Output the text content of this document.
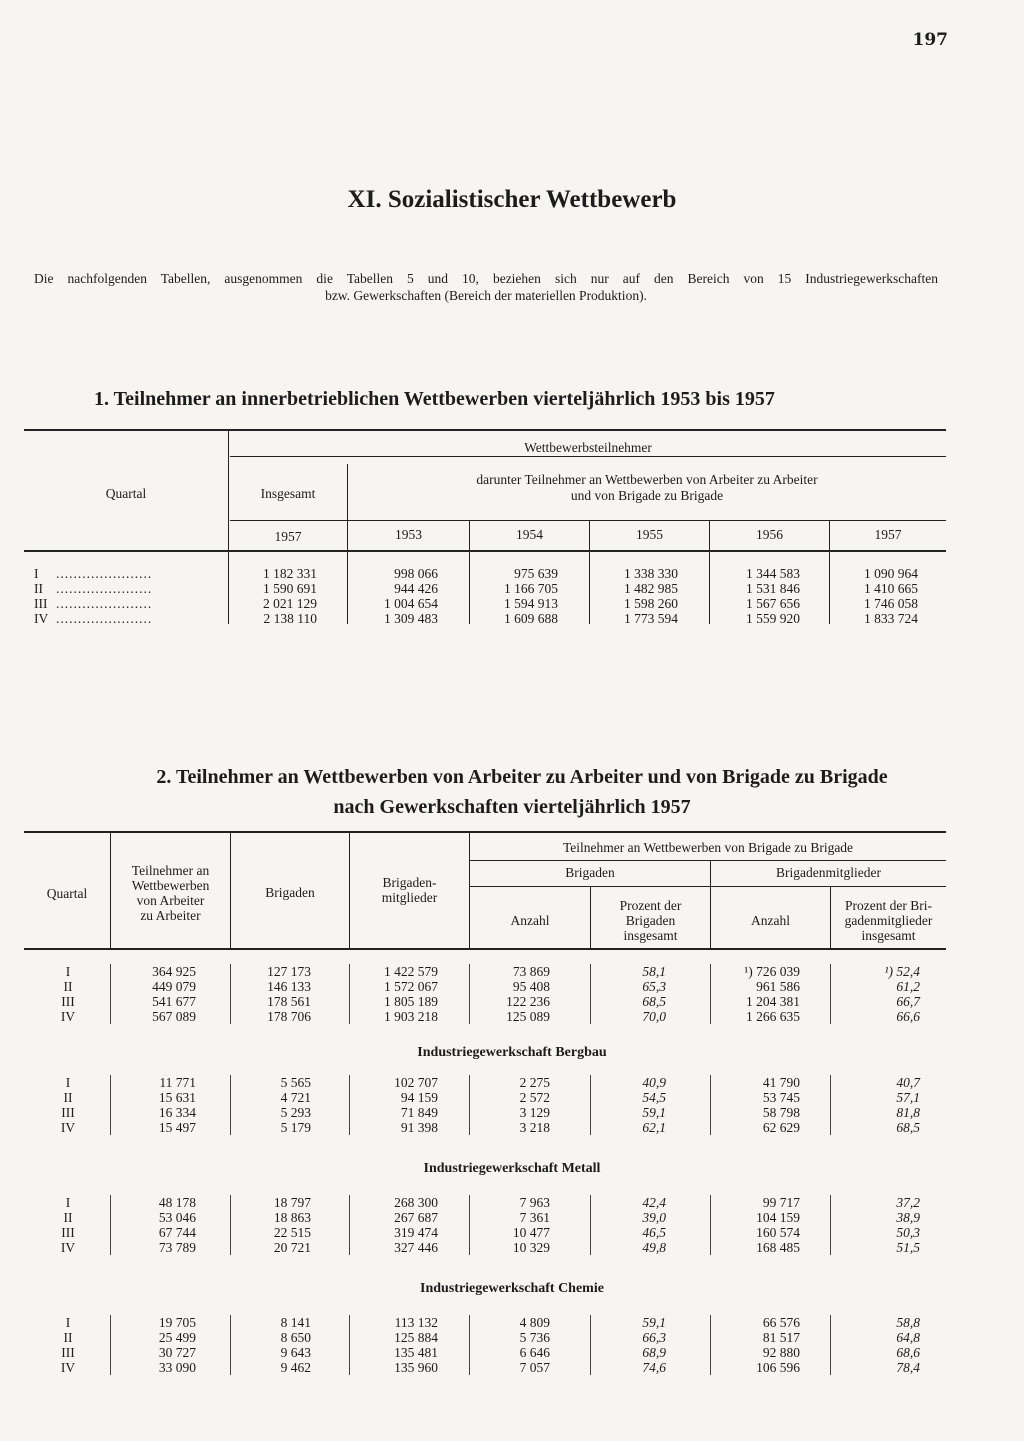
197
XI. Sozialistischer Wettbewerb
Die nachfolgenden Tabellen, ausgenommen die Tabellen 5 und 10, beziehen sich nur auf den Bereich von 15 Industriegewerkschaften
bzw. Gewerkschaften (Bereich der materiellen Produktion).
1. Teilnehmer an innerbetrieblichen Wettbewerben vierteljährlich 1953 bis 1957
Wettbewerbsteilnehmer
Quartal	Insgesamt
darunter Teilnehmer an Wettbewerben von Arbeiter zu Arbeiter
und von Brigade zu Brigade
1957	1953	1954	1955	1956	1957
I ......................	1 182 331	998 066	975 639	1 338 330	1 344 583	1 090 964
II ......................	1 590 691	944 426	1 166 705	1 482 985	1 531 846	1 410 665
III ......................	2 021 129	1 004 654	1 594 913	1 598 260	1 567 656	1 746 058
IV ......................	2 138 110	1 309 483	1 609 688	1 773 594	1 559 920	1 833 724
2. Teilnehmer an Wettbewerben von Arbeiter zu Arbeiter und von Brigade zu Brigade
nach Gewerkschaften vierteljährlich 1957
Quartal
Teilnehmer an
Wettbewerben
von Arbeiter
zu Arbeiter
Brigaden
Brigaden-
mitglieder
Teilnehmer an Wettbewerben von Brigade zu Brigade
Brigaden	Brigadenmitglieder
Anzahl
Prozent der
Brigaden
insgesamt
Anzahl
Prozent der Bri-
gadenmitglieder
insgesamt
I	364 925	127 173	1 422 579	73 869	58,1	¹) 726 039	¹) 52,4
II	449 079	146 133	1 572 067	95 408	65,3	961 586	61,2
III	541 677	178 561	1 805 189	122 236	68,5	1 204 381	66,7
IV	567 089	178 706	1 903 218	125 089	70,0	1 266 635	66,6
Industriegewerkschaft Bergbau
I	11 771	5 565	102 707	2 275	40,9	41 790	40,7
II	15 631	4 721	94 159	2 572	54,5	53 745	57,1
III	16 334	5 293	71 849	3 129	59,1	58 798	81,8
IV	15 497	5 179	91 398	3 218	62,1	62 629	68,5
Industriegewerkschaft Metall
I	48 178	18 797	268 300	7 963	42,4	99 717	37,2
II	53 046	18 863	267 687	7 361	39,0	104 159	38,9
III	67 744	22 515	319 474	10 477	46,5	160 574	50,3
IV	73 789	20 721	327 446	10 329	49,8	168 485	51,5
Industriegewerkschaft Chemie
I	19 705	8 141	113 132	4 809	59,1	66 576	58,8
II	25 499	8 650	125 884	5 736	66,3	81 517	64,8
III	30 727	9 643	135 481	6 646	68,9	92 880	68,6
IV	33 090	9 462	135 960	7 057	74,6	106 596	78,4
